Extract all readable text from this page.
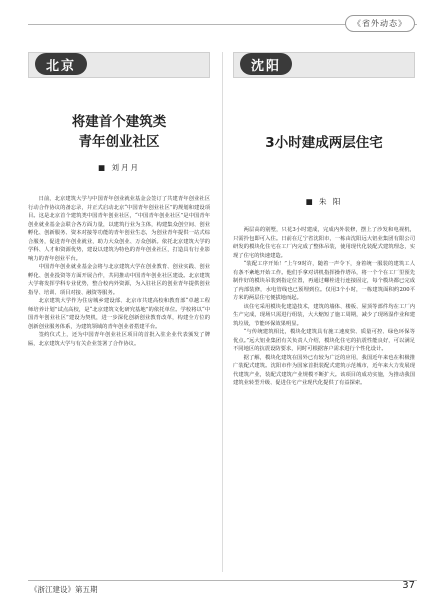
《省外动态》
北京
将建首个建筑类
青年创业社区
■ 刘月月

日前，北京建筑大学与中国青年创业就业基金会签订了共建青年创业社区行动合作协议的备忘录，并正式启动北京“中国青年创业社区”的规划和建设项目。这是北京首个建筑类中国青年创业社区，“中国青年创业社区”是中国青年创业就业基金会联合各方面力量，以建筑行业为主体，构建集众创空间、创业孵化、创新服务、资本对接等功能的青年创业生态，为创业青年提供一站式综合服务，促进青年创业就业，助力大众创业、万众创新。依托北京建筑大学的学科、人才和资源优势，建设以建筑为特色的青年创业社区，打造具有行业影响力的青年创业平台。

中国青年创业就业基金会将与北京建筑大学在创业教育、创业实践、创业孵化、创业投资等方面开展合作，共同推动中国青年创业社区建设。北京建筑大学将发挥学科专业优势，整合校内外资源，为入驻社区的创业青年提供创业指导、培训、项目对接、融资等服务。

北京建筑大学作为住房城乡建设部、北京市共建高校和教育部“卓越工程师培养计划”试点高校，是“北京建筑文化研究基地”的依托单位。学校将以“中国青年创业社区”建设为契机，进一步深化创新创业教育改革，构建全方位的创新创业服务体系，为建筑领域的青年创业者搭建平台。

签约仪式上，还为中国青年创业社区项目的首批入驻企业代表颁发了牌匾，北京建筑大学与有关企业签署了合作协议。

沈阳
3小时建成两层住宅
■ 朱 阳

两层高的别墅，只花3小时建成，完成内外装修，摆上了沙发和电视机，只需拎包即可入住。日前在辽宁省沈阳市，一栋由沈阳远大铝业集团有限公司研发的模块化住宅在工厂内完成了整体吊装，使用现代化装配式建筑理念，实现了住宅的快速建造。

“装配工序开始！”上午9时许，随着一声令下，身着统一服装的建筑工人有条不紊地开始工作。他们手拿对讲机指挥操作塔吊，将一个个在工厂里预先制作好的模块吊装到指定位置，再通过螺栓进行连接固定，每个模块都已完成了内部装修，水电管线也已预埋到位。仅用3个小时，一栋建筑面积约200平方米的两层住宅便拔地而起。

该住宅采用模块化建造技术，建筑的墙体、楼板、屋顶等部件均在工厂内生产完成，现场只需进行组装，大大缩短了施工周期，减少了现场湿作业和建筑垃圾，节能环保效果明显。

“与传统建筑相比，模块化建筑具有施工速度快、质量可控、绿色环保等优点。”远大铝业集团有关负责人介绍，模块化住宅的抗震性能良好，可以满足不同地区的抗震设防要求，同时可根据客户需求进行个性化设计。

据了解，模块化建筑在国外已有较为广泛的应用，我国近年来也在积极推广装配式建筑。沈阳市作为国家首批装配式建筑示范城市，近年来大力发展现代建筑产业，装配式建筑产业规模不断扩大。该项目的成功实施，为推动我国建筑业转型升级、促进住宅产业现代化提供了有益探索。

《浙江建设》第五期	37
